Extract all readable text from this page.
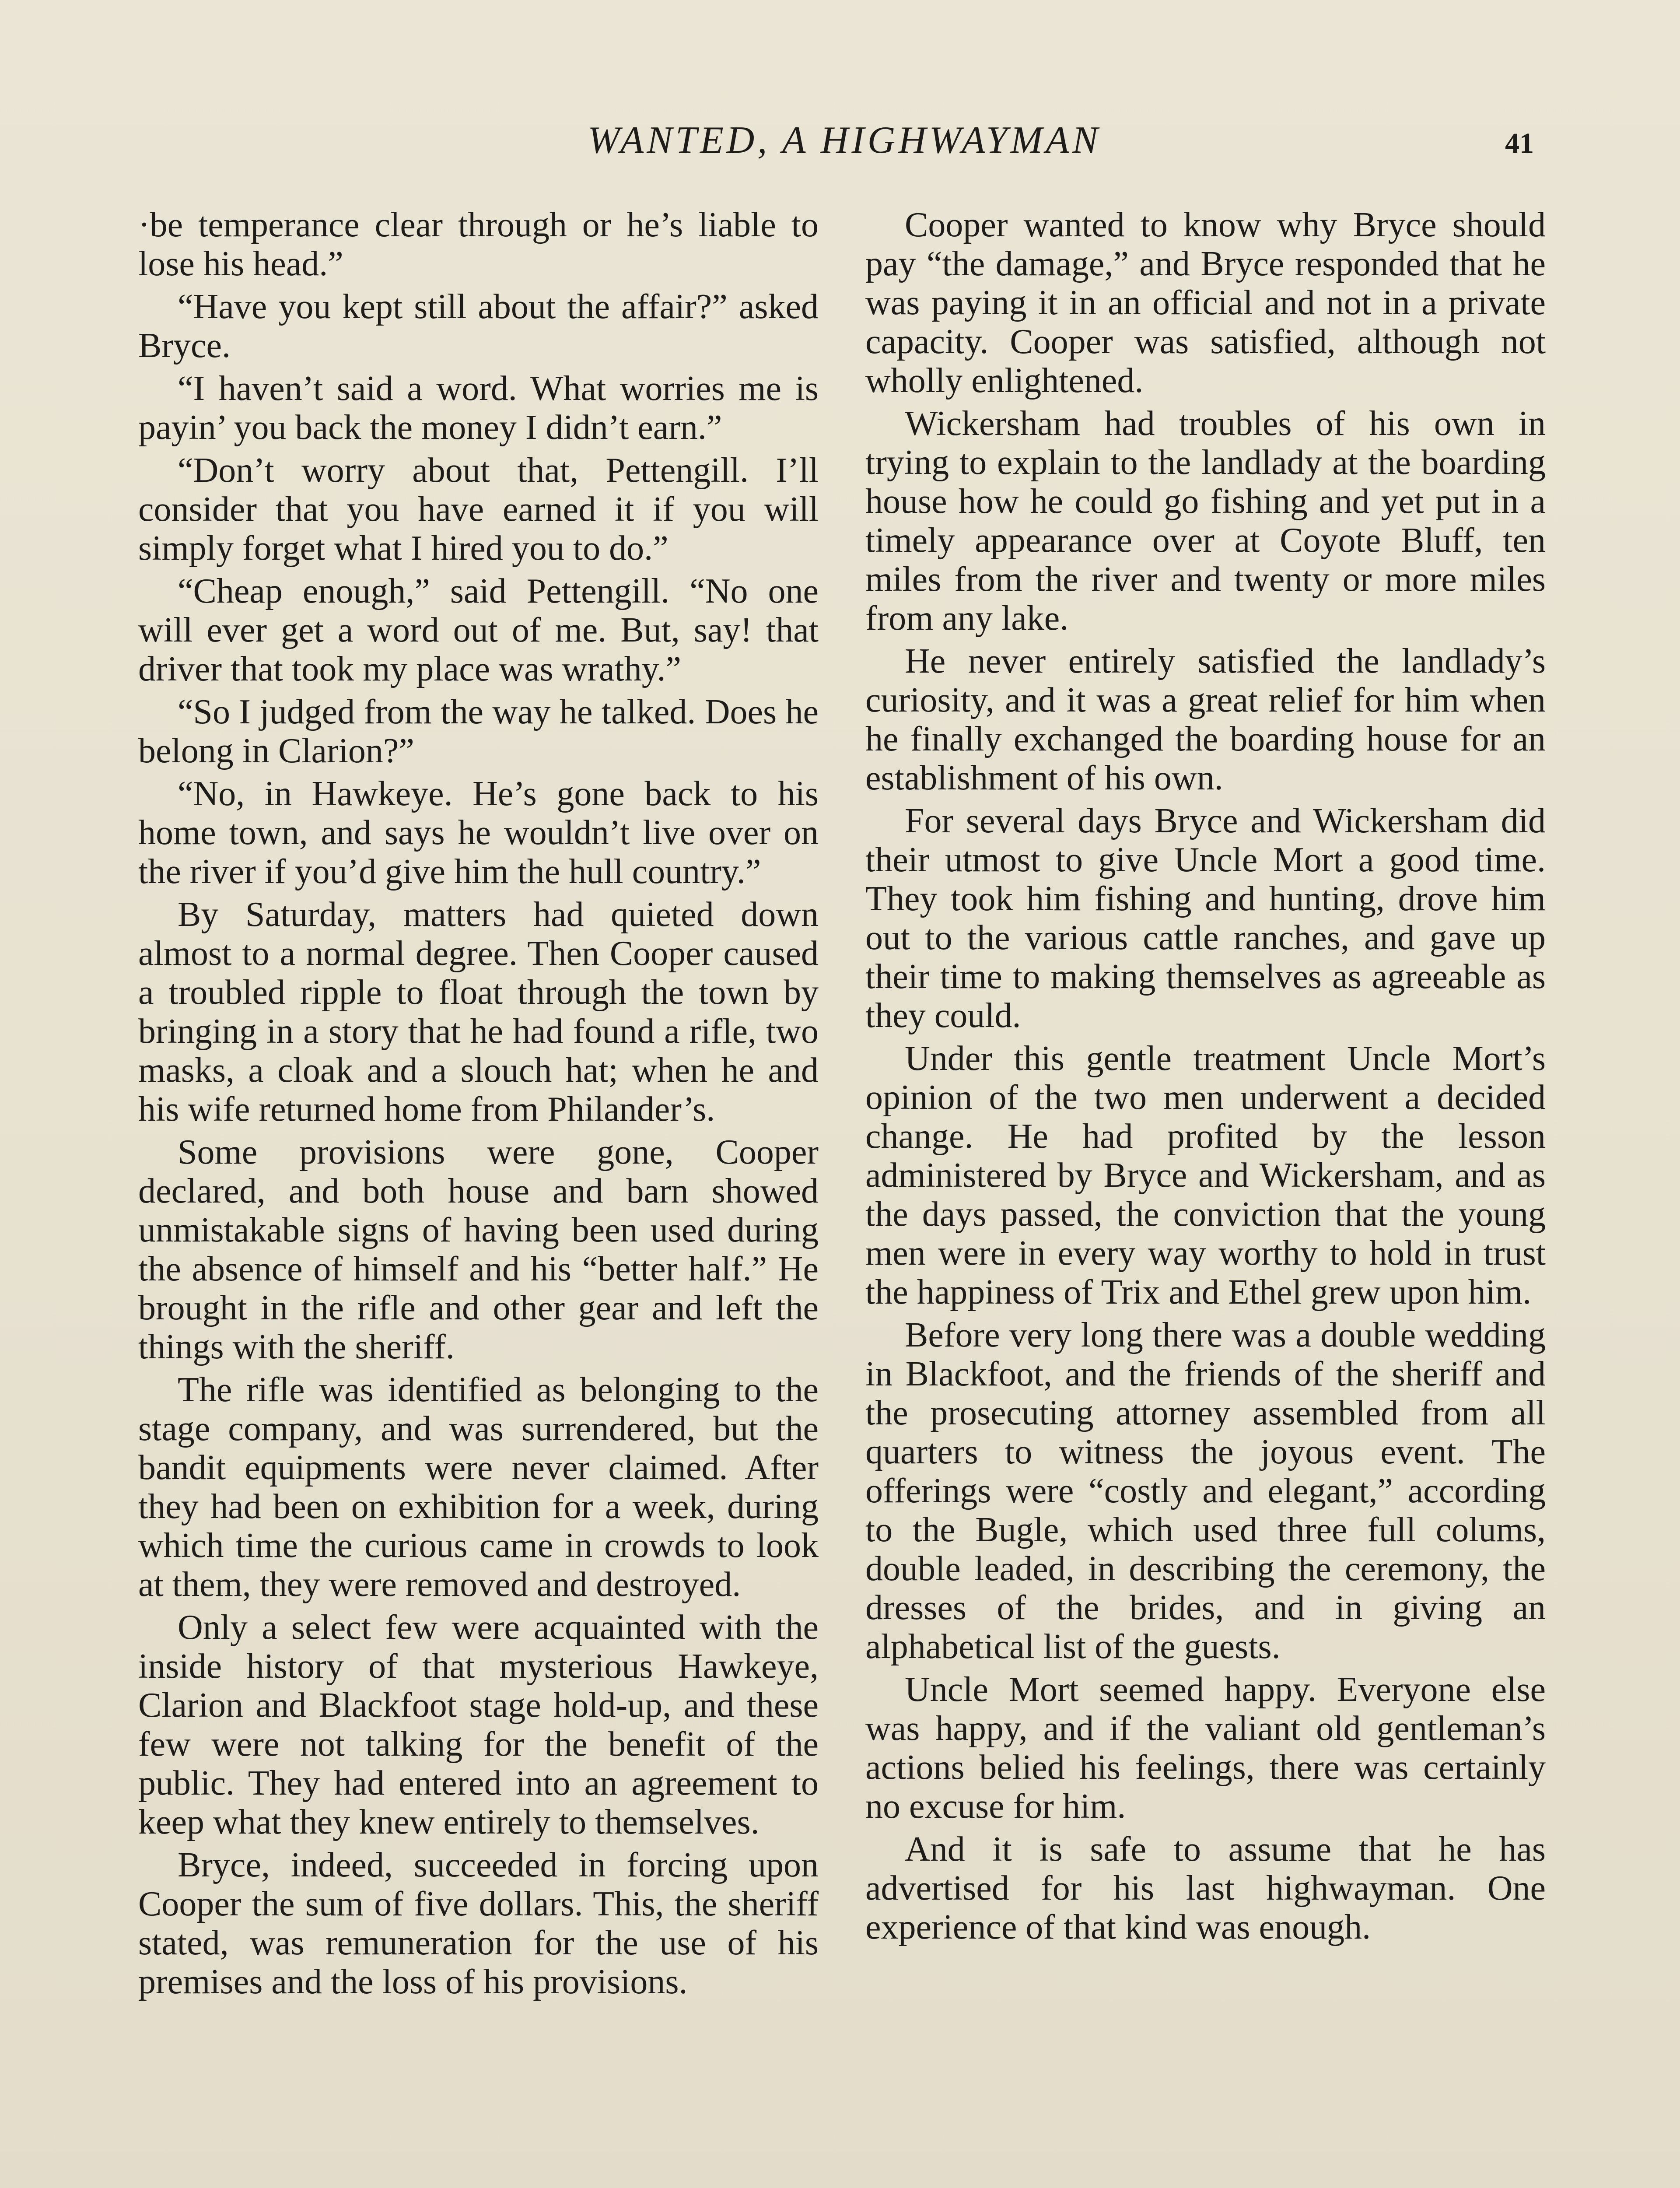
WANTED, A HIGHWAYMAN	41

·be temperance clear through or he’s liable to lose his head.”

“Have you kept still about the affair?” asked Bryce.

“I haven’t said a word. What worries me is payin’ you back the money I didn’t earn.”

“Don’t worry about that, Pettengill. I’ll consider that you have earned it if you will simply forget what I hired you to do.”

“Cheap enough,” said Pettengill. “No one will ever get a word out of me. But, say! that driver that took my place was wrathy.”

“So I judged from the way he talked. Does he belong in Clarion?”

“No, in Hawkeye. He’s gone back to his home town, and says he wouldn’t live over on the river if you’d give him the hull country.”

By Saturday, matters had quieted down almost to a normal degree. Then Cooper caused a troubled ripple to float through the town by bringing in a story that he had found a rifle, two masks, a cloak and a slouch hat; when he and his wife returned home from Philander’s.

Some provisions were gone, Cooper declared, and both house and barn showed unmistakable signs of having been used during the absence of himself and his “better half.” He brought in the rifle and other gear and left the things with the sheriff.

The rifle was identified as belonging to the stage company, and was surrendered, but the bandit equipments were never claimed. After they had been on exhibition for a week, during which time the curious came in crowds to look at them, they were removed and destroyed.

Only a select few were acquainted with the inside history of that mysterious Hawkeye, Clarion and Blackfoot stage hold-up, and these few were not talking for the benefit of the public. They had entered into an agreement to keep what they knew entirely to themselves.

Bryce, indeed, succeeded in forcing upon Cooper the sum of five dollars. This, the sheriff stated, was remuneration for the use of his premises and the loss of his provisions.

Cooper wanted to know why Bryce should pay “the damage,” and Bryce responded that he was paying it in an official and not in a private capacity. Cooper was satisfied, although not wholly enlightened.

Wickersham had troubles of his own in trying to explain to the landlady at the boarding house how he could go fishing and yet put in a timely appearance over at Coyote Bluff, ten miles from the river and twenty or more miles from any lake.

He never entirely satisfied the landlady’s curiosity, and it was a great relief for him when he finally exchanged the boarding house for an establishment of his own.

For several days Bryce and Wickersham did their utmost to give Uncle Mort a good time. They took him fishing and hunting, drove him out to the various cattle ranches, and gave up their time to making themselves as agreeable as they could.

Under this gentle treatment Uncle Mort’s opinion of the two men underwent a decided change. He had profited by the lesson administered by Bryce and Wickersham, and as the days passed, the conviction that the young men were in every way worthy to hold in trust the happiness of Trix and Ethel grew upon him.

Before very long there was a double wedding in Blackfoot, and the friends of the sheriff and the prosecuting attorney assembled from all quarters to witness the joyous event. The offerings were “costly and elegant,” according to the Bugle, which used three full colums, double leaded, in describing the ceremony, the dresses of the brides, and in giving an alphabetical list of the guests.

Uncle Mort seemed happy. Everyone else was happy, and if the valiant old gentleman’s actions belied his feelings, there was certainly no excuse for him.

And it is safe to assume that he has advertised for his last highwayman. One experience of that kind was enough.
